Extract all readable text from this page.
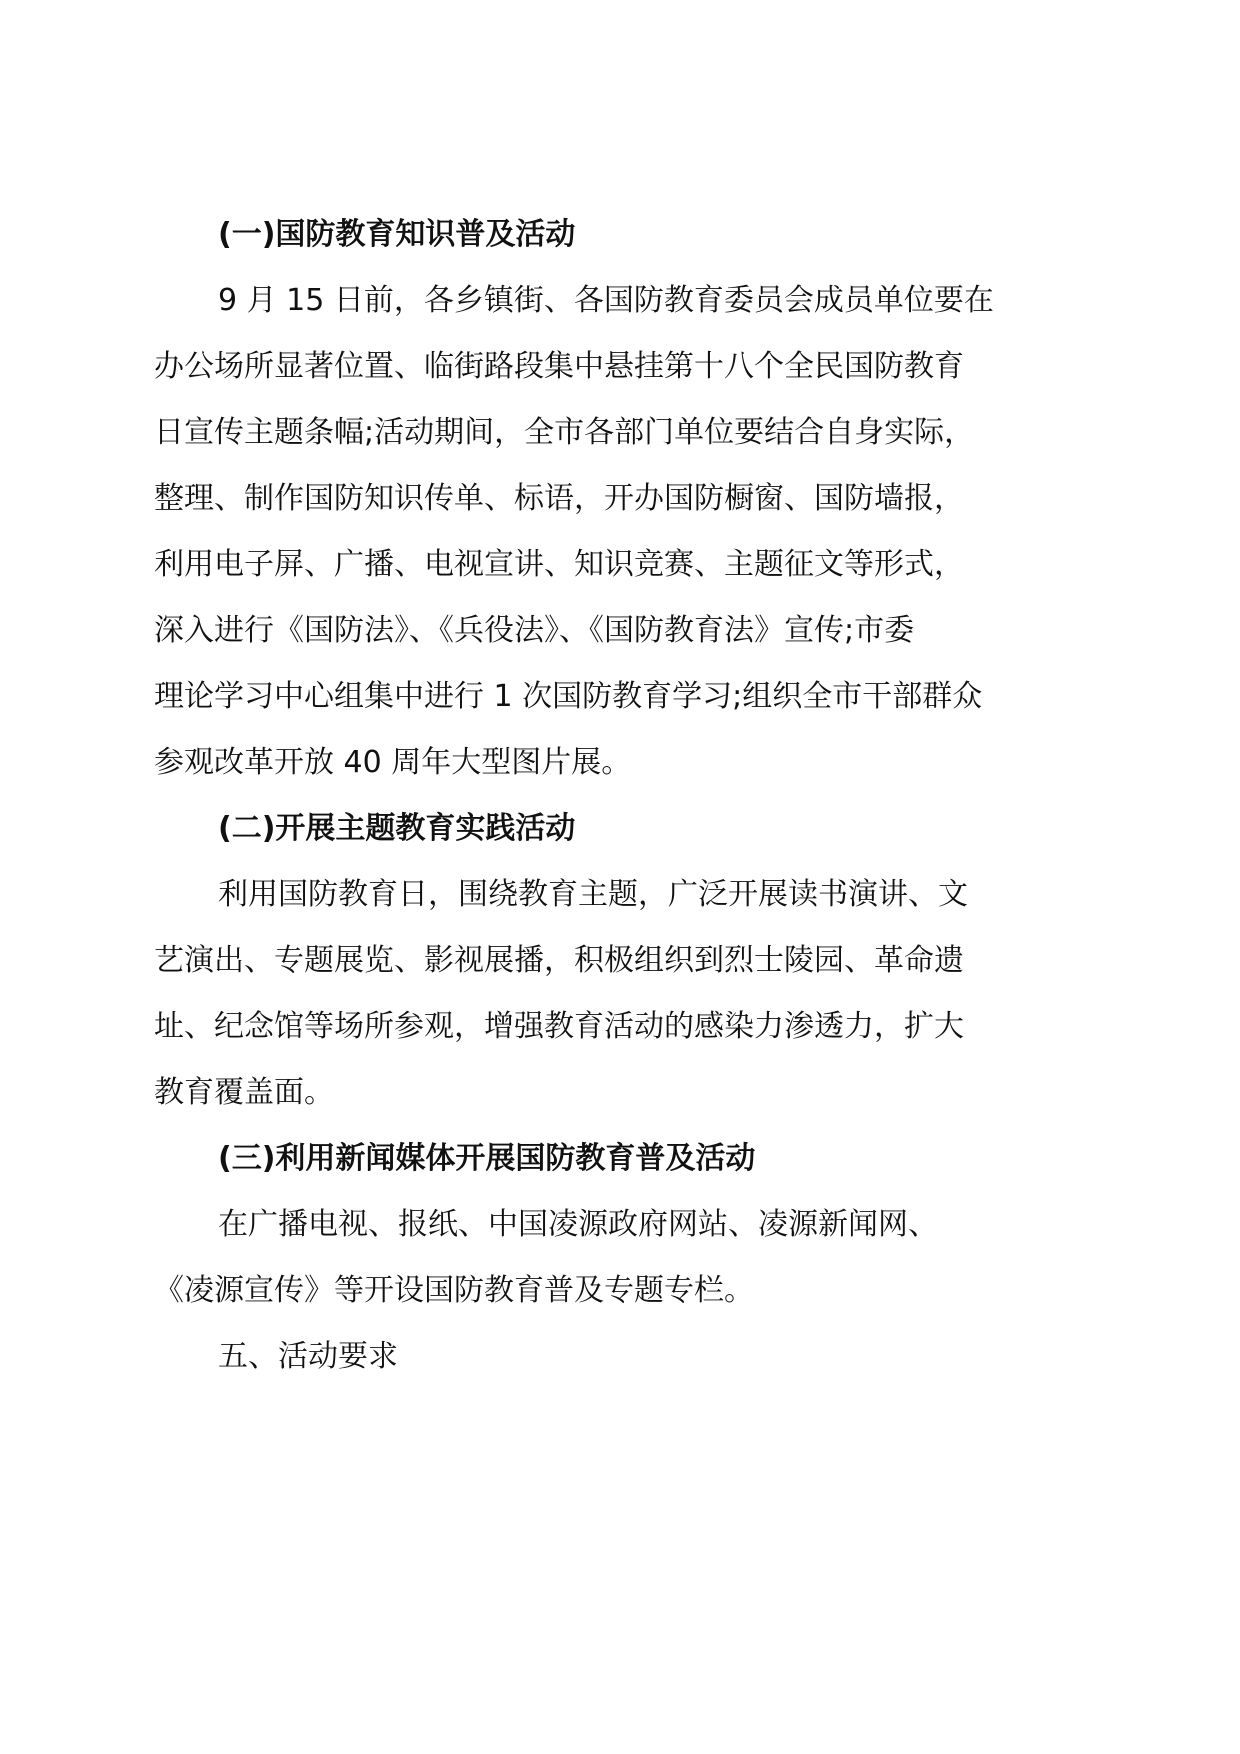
(一)国防教育知识普及活动
9 月 15 日前，各乡镇街、各国防教育委员会成员单位要在
办公场所显著位置、临街路段集中悬挂第十八个全民国防教育
日宣传主题条幅;活动期间，全市各部门单位要结合自身实际，
整理、制作国防知识传单、标语，开办国防橱窗、国防墙报，
利用电子屏、广播、电视宣讲、知识竞赛、主题征文等形式，
深入进行《国防法》、《兵役法》、《国防教育法》宣传;市委
理论学习中心组集中进行 1 次国防教育学习;组织全市干部群众
参观改革开放 40 周年大型图片展。
(二)开展主题教育实践活动
利用国防教育日，围绕教育主题，广泛开展读书演讲、文
艺演出、专题展览、影视展播，积极组织到烈士陵园、革命遗
址、纪念馆等场所参观，增强教育活动的感染力渗透力，扩大
教育覆盖面。
(三)利用新闻媒体开展国防教育普及活动
在广播电视、报纸、中国凌源政府网站、凌源新闻网、
《凌源宣传》等开设国防教育普及专题专栏。
五、活动要求
